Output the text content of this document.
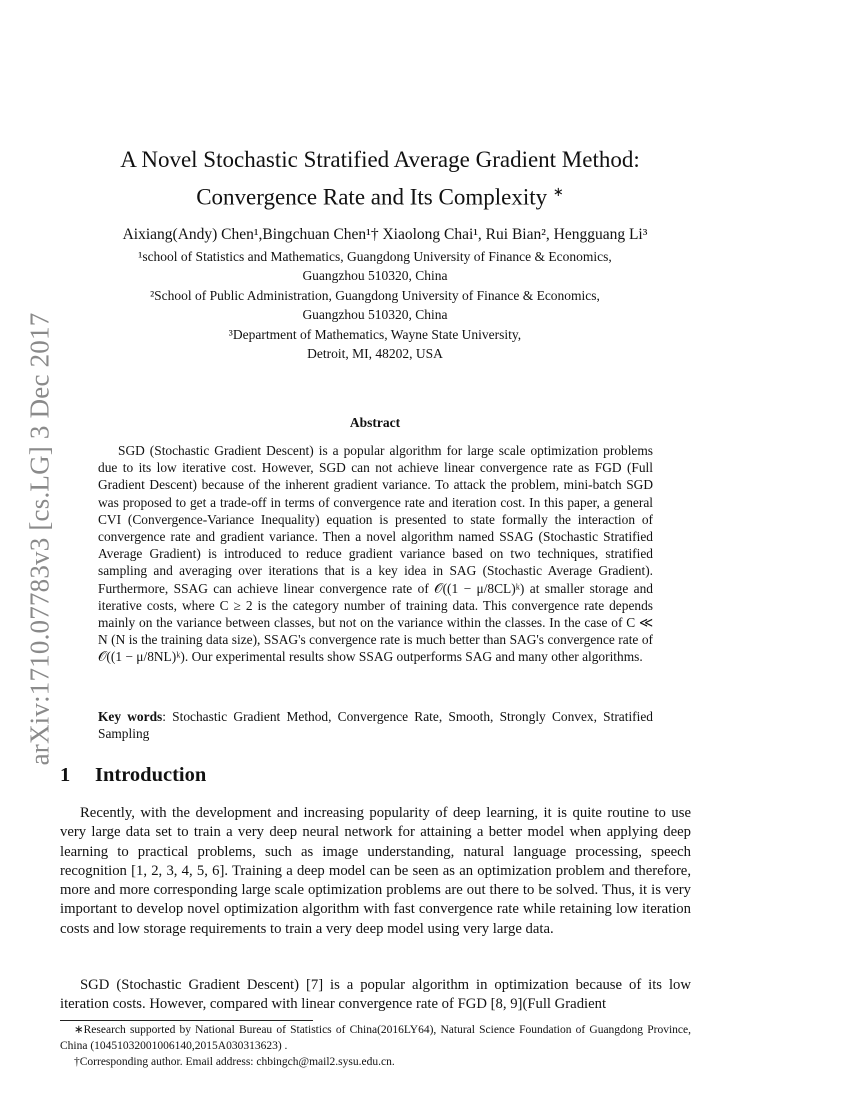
arXiv:1710.07783v3 [cs.LG] 3 Dec 2017
A Novel Stochastic Stratified Average Gradient Method:
Convergence Rate and Its Complexity ∗
Aixiang(Andy) Chen¹,Bingchuan Chen¹† Xiaolong Chai¹, Rui Bian², Hengguang Li³
¹school of Statistics and Mathematics, Guangdong University of Finance & Economics,
Guangzhou 510320, China
²School of Public Administration, Guangdong University of Finance & Economics,
Guangzhou 510320, China
³Department of Mathematics, Wayne State University,
Detroit, MI, 48202, USA
Abstract

SGD (Stochastic Gradient Descent) is a popular algorithm for large scale optimization problems due to its low iterative cost. However, SGD can not achieve linear convergence rate as FGD (Full Gradient Descent) because of the inherent gradient variance. To attack the problem, mini-batch SGD was proposed to get a trade-off in terms of convergence rate and iteration cost. In this paper, a general CVI (Convergence-Variance Inequality) equation is presented to state formally the interaction of convergence rate and gradient variance. Then a novel algorithm named SSAG (Stochastic Stratified Average Gradient) is introduced to reduce gradient variance based on two techniques, stratified sampling and averaging over iterations that is a key idea in SAG (Stochastic Average Gradient). Furthermore, SSAG can achieve linear convergence rate of 𝒪((1 − μ/8CL)ᵏ) at smaller storage and iterative costs, where C ≥ 2 is the category number of training data. This convergence rate depends mainly on the variance between classes, but not on the variance within the classes. In the case of C ≪ N (N is the training data size), SSAG's convergence rate is much better than SAG's convergence rate of 𝒪((1 − μ/8NL)ᵏ). Our experimental results show SSAG outperforms SAG and many other algorithms.

Key words: Stochastic Gradient Method, Convergence Rate, Smooth, Strongly Convex, Stratified Sampling

1 Introduction

Recently, with the development and increasing popularity of deep learning, it is quite routine to use very large data set to train a very deep neural network for attaining a better model when applying deep learning to practical problems, such as image understanding, natural language processing, speech recognition [1, 2, 3, 4, 5, 6]. Training a deep model can be seen as an optimization problem and therefore, more and more corresponding large scale optimization problems are out there to be solved. Thus, it is very important to develop novel optimization algorithm with fast convergence rate while retaining low iteration costs and low storage requirements to train a very deep model using very large data.

SGD (Stochastic Gradient Descent) [7] is a popular algorithm in optimization because of its low iteration costs. However, compared with linear convergence rate of FGD [8, 9](Full Gradient

∗Research supported by National Bureau of Statistics of China(2016LY64), Natural Science Foundation of Guangdong Province, China (10451032001006140,2015A030313623) .

†Corresponding author. Email address: chbingch@mail2.sysu.edu.cn.
